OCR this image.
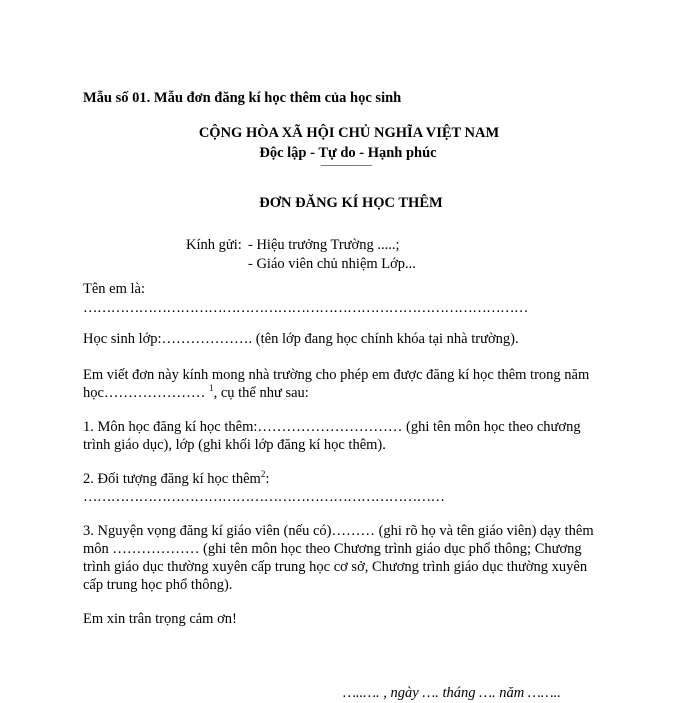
Mẫu số 01. Mẫu đơn đăng kí học thêm của học sinh
CỘNG HÒA XÃ HỘI CHỦ NGHĨA VIỆT NAM
Độc lập - Tự do - Hạnh phúc
—————
ĐƠN ĐĂNG KÍ HỌC THÊM
Kính gửi: - Hiệu trưởng Trường .....;
- Giáo viên chủ nhiệm Lớp...
Tên em là:
……………………………………………………………………………………
Học sinh lớp:………………. (tên lớp đang học chính khóa tại nhà trường).
Em viết đơn này kính mong nhà trường cho phép em được đăng kí học thêm trong năm
học………………… $^1$, cụ thể như sau:
1. Môn học đăng kí học thêm:………………………… (ghi tên môn học theo chương
trình giáo dục), lớp (ghi khối lớp đăng kí học thêm).
2. Đối tượng đăng kí học thêm$^2$:
……………………………………………………………………
3. Nguyện vọng đăng kí giáo viên (nếu có)……… (ghi rõ họ và tên giáo viên) dạy thêm
môn ……………… (ghi tên môn học theo Chương trình giáo dục phổ thông; Chương
trình giáo dục thường xuyên cấp trung học cơ sở, Chương trình giáo dục thường xuyên
cấp trung học phổ thông).
Em xin trân trọng cảm ơn!
…..…. , ngày …. tháng …. năm ……..
